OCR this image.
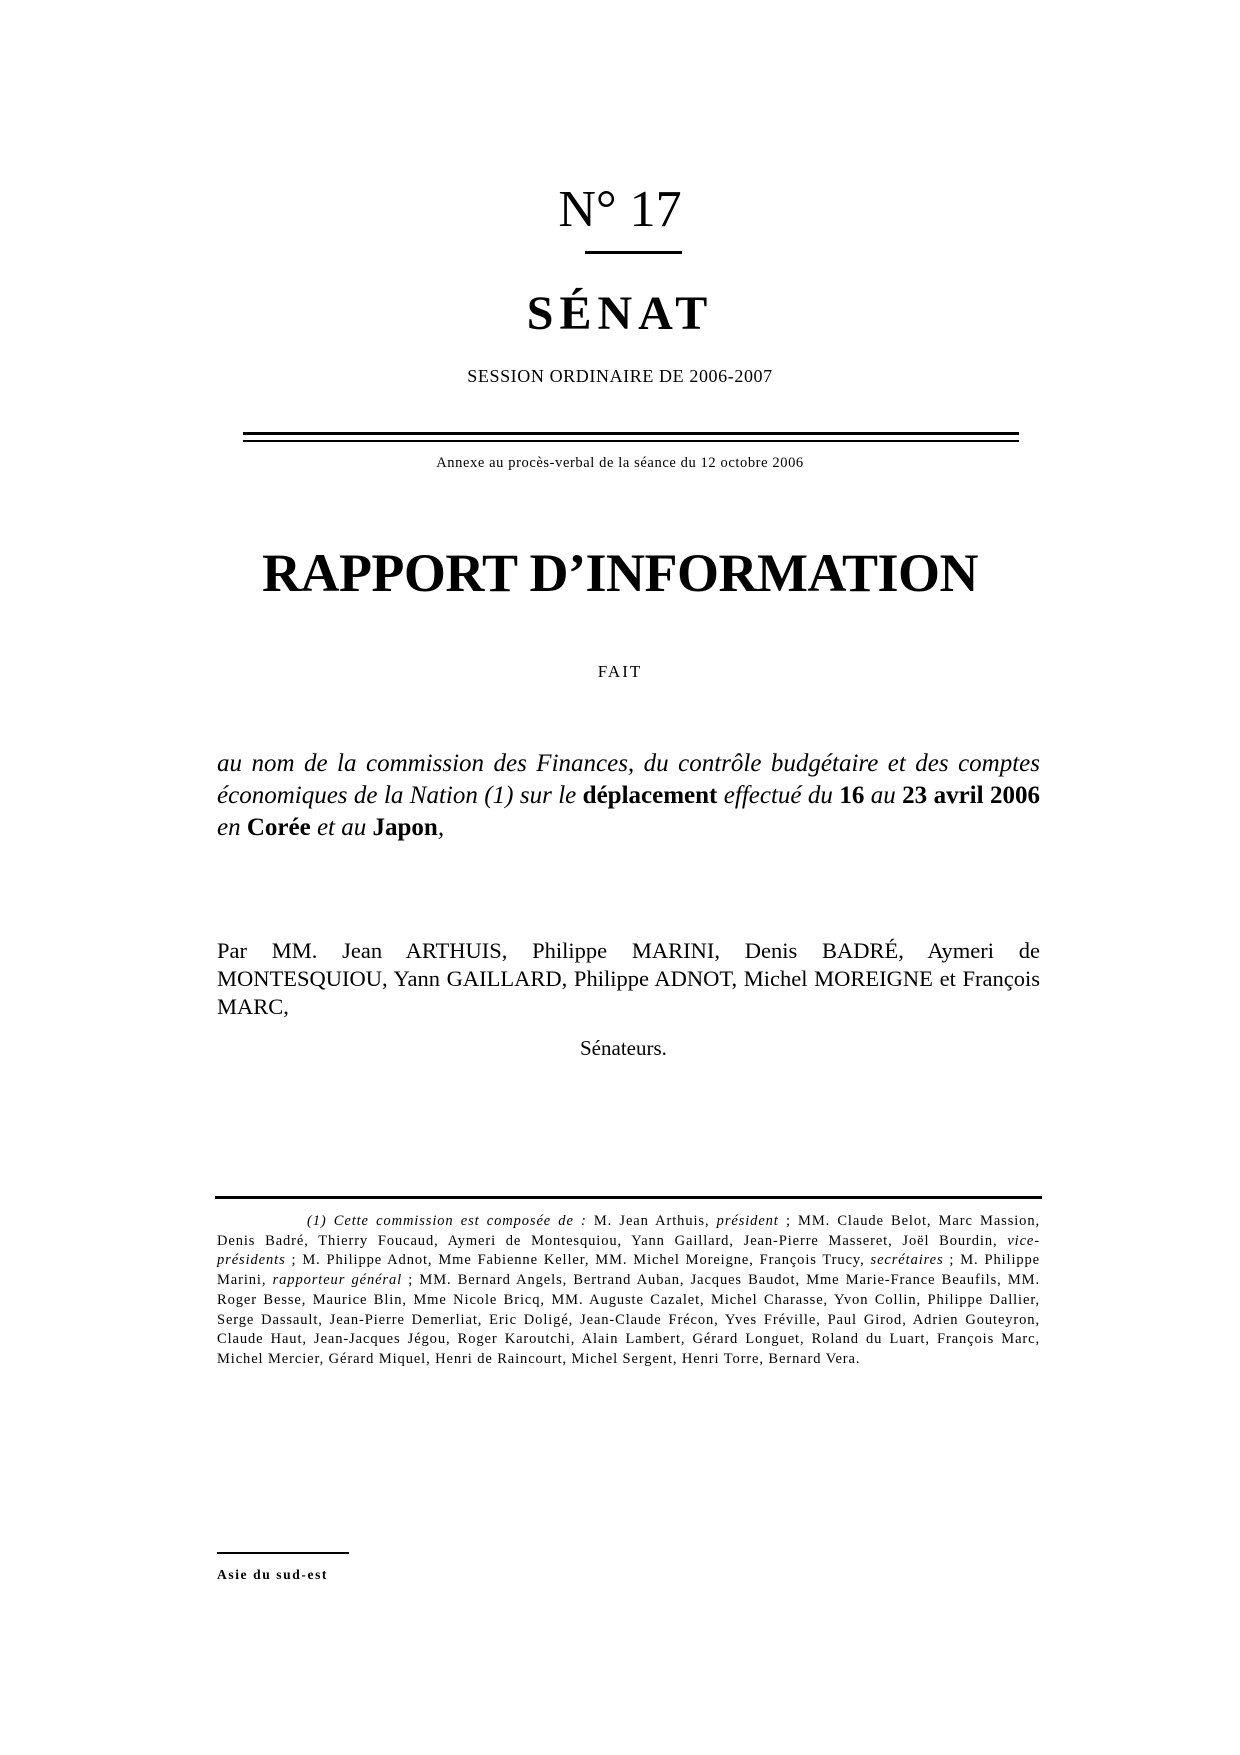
N° 17
SÉNAT
SESSION ORDINAIRE DE 2006-2007
Annexe au procès-verbal de la séance du 12 octobre 2006
RAPPORT D’INFORMATION
FAIT
au nom de la commission des Finances, du contrôle budgétaire et des comptes économiques de la Nation (1) sur le déplacement effectué du 16 au 23 avril 2006 en Corée et au Japon,
Par MM. Jean ARTHUIS, Philippe MARINI, Denis BADRÉ, Aymeri de MONTESQUIOU, Yann GAILLARD, Philippe ADNOT, Michel MOREIGNE et François MARC,
Sénateurs.
(1) Cette commission est composée de : M. Jean Arthuis, président ; MM. Claude Belot, Marc Massion, Denis Badré, Thierry Foucaud, Aymeri de Montesquiou, Yann Gaillard, Jean-Pierre Masseret, Joël Bourdin, vice-présidents ; M. Philippe Adnot, Mme Fabienne Keller, MM. Michel Moreigne, François Trucy, secrétaires ; M. Philippe Marini, rapporteur général ; MM. Bernard Angels, Bertrand Auban, Jacques Baudot, Mme Marie-France Beaufils, MM. Roger Besse, Maurice Blin, Mme Nicole Bricq, MM. Auguste Cazalet, Michel Charasse, Yvon Collin, Philippe Dallier, Serge Dassault, Jean-Pierre Demerliat, Eric Doligé, Jean-Claude Frécon, Yves Fréville, Paul Girod, Adrien Gouteyron, Claude Haut, Jean-Jacques Jégou, Roger Karoutchi, Alain Lambert, Gérard Longuet, Roland du Luart, François Marc, Michel Mercier, Gérard Miquel, Henri de Raincourt, Michel Sergent, Henri Torre, Bernard Vera.
Asie du sud-est
